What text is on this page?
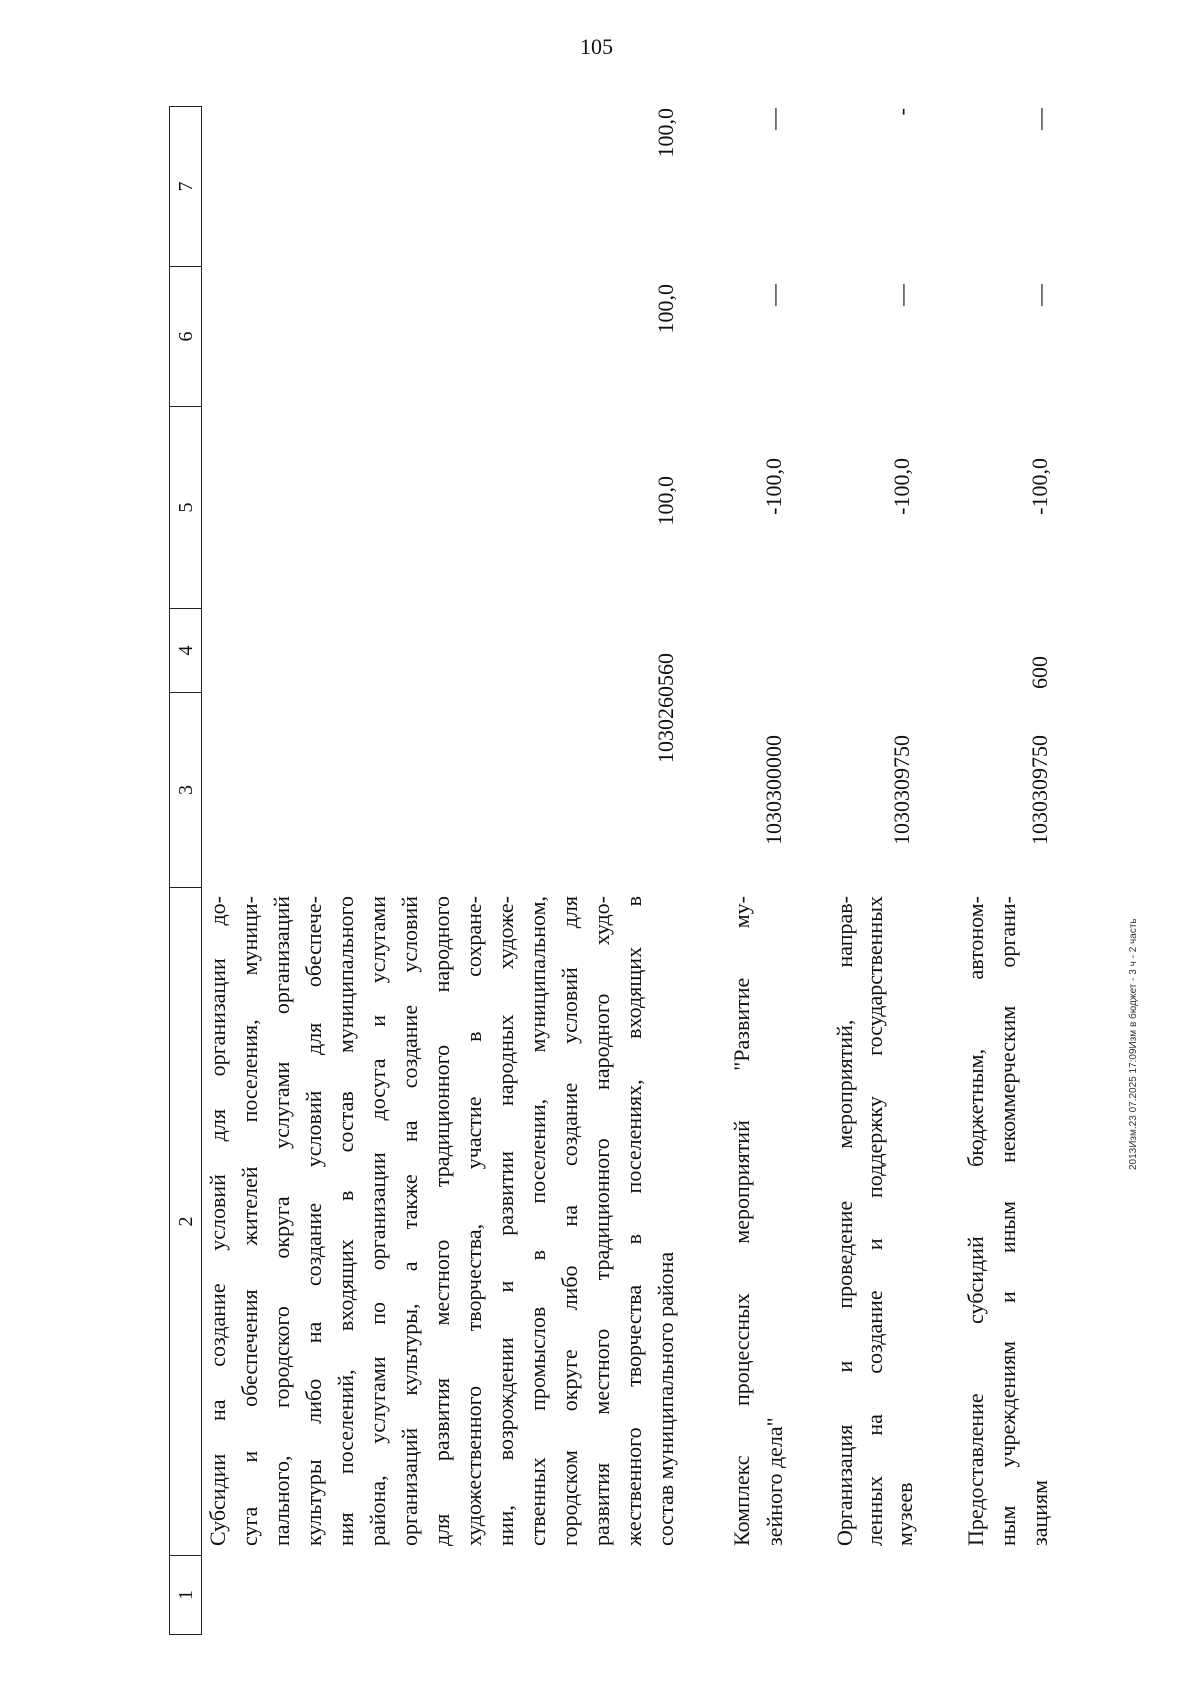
105
1
2
3
4
5
6
7
Субсидии на создание условий для организации до- суга и обеспечения жителей поселения, муници- пального, городского округа услугами организаций культуры либо на создание условий для обеспече- ния поселений, входящих в состав муниципального района, услугами по организации досуга и услугами организаций культуры, а также на создание условий для развития местного традиционного народного художественного творчества, участие в сохране- нии, возрождении и развитии народных художе- ственных промыслов в поселении, муниципальном, городском округе либо на создание условий для развития местного традиционного народного худо- жественного творчества в поселениях, входящих в состав муниципального района
1030260560
100,0
100,0
100,0
Комплекс процессных мероприятий "Развитие му- зейного дела"
1030300000
-100,0
—
—
Организация и проведение мероприятий, направ- ленных на создание и поддержку государственных музеев
1030309750
-100,0
—
-
Предоставление субсидий бюджетным, автоном- ным учреждениям и иным некоммерческим органи- зациям
1030309750
600
-100,0
—
—
2013Изм.23 07.2025 17:09Изм в бюджет - 3 ч - 2 часть
